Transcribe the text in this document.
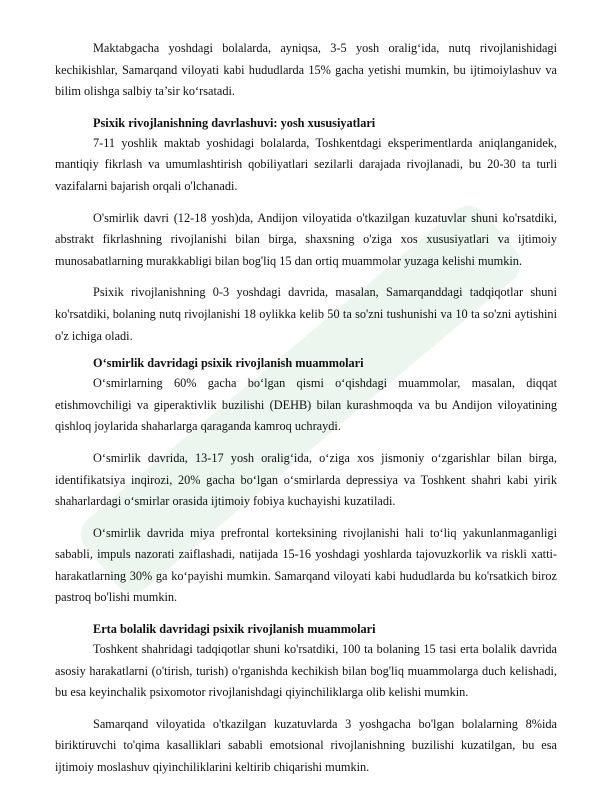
Maktabgacha yoshdagi bolalarda, ayniqsa, 3-5 yosh oralig‘ida, nutq rivojlanishidagi kechikishlar, Samarqand viloyati kabi hududlarda 15% gacha yetishi mumkin, bu ijtimoiylashuv va bilim olishga salbiy ta’sir ko‘rsatadi.

Psixik rivojlanishning davrlashuvi: yosh xususiyatlari

7-11 yoshlik maktab yoshidagi bolalarda, Toshkentdagi eksperimentlarda aniqlanganidek, mantiqiy fikrlash va umumlashtirish qobiliyatlari sezilarli darajada rivojlanadi, bu 20-30 ta turli vazifalarni bajarish orqali o'lchanadi.

O'smirlik davri (12-18 yosh)da, Andijon viloyatida o'tkazilgan kuzatuvlar shuni ko'rsatdiki, abstrakt fikrlashning rivojlanishi bilan birga, shaxsning o'ziga xos xususiyatlari va ijtimoiy munosabatlarning murakkabligi bilan bog'liq 15 dan ortiq muammolar yuzaga kelishi mumkin.

Psixik rivojlanishning 0-3 yoshdagi davrida, masalan, Samarqanddagi tadqiqotlar shuni ko'rsatdiki, bolaning nutq rivojlanishi 18 oylikka kelib 50 ta so'zni tushunishi va 10 ta so'zni aytishini o'z ichiga oladi.

O‘smirlik davridagi psixik rivojlanish muammolari

O‘smirlarning 60% gacha bo‘lgan qismi o‘qishdagi muammolar, masalan, diqqat etishmovchiligi va giperaktivlik buzilishi (DEHB) bilan kurashmoqda va bu Andijon viloyatining qishloq joylarida shaharlarga qaraganda kamroq uchraydi.

O‘smirlik davrida, 13-17 yosh oralig‘ida, o‘ziga xos jismoniy o‘zgarishlar bilan birga, identifikatsiya inqirozi, 20% gacha bo‘lgan o‘smirlarda depressiya va Toshkent shahri kabi yirik shaharlardagi o‘smirlar orasida ijtimoiy fobiya kuchayishi kuzatiladi.

O‘smirlik davrida miya prefrontal korteksining rivojlanishi hali to‘liq yakunlanmaganligi sababli, impuls nazorati zaiflashadi, natijada 15-16 yoshdagi yoshlarda tajovuzkorlik va riskli xatti-harakatlarning 30% ga ko‘payishi mumkin. Samarqand viloyati kabi hududlarda bu ko'rsatkich biroz pastroq bo'lishi mumkin.

Erta bolalik davridagi psixik rivojlanish muammolari

Toshkent shahridagi tadqiqotlar shuni ko'rsatdiki, 100 ta bolaning 15 tasi erta bolalik davrida asosiy harakatlarni (o'tirish, turish) o'rganishda kechikish bilan bog'liq muammolarga duch kelishadi, bu esa keyinchalik psixomotor rivojlanishdagi qiyinchiliklarga olib kelishi mumkin.

Samarqand viloyatida o'tkazilgan kuzatuvlarda 3 yoshgacha bo'lgan bolalarning 8%ida biriktiruvchi to'qima kasalliklari sababli emotsional rivojlanishning buzilishi kuzatilgan, bu esa ijtimoiy moslashuv qiyinchiliklarini keltirib chiqarishi mumkin.
